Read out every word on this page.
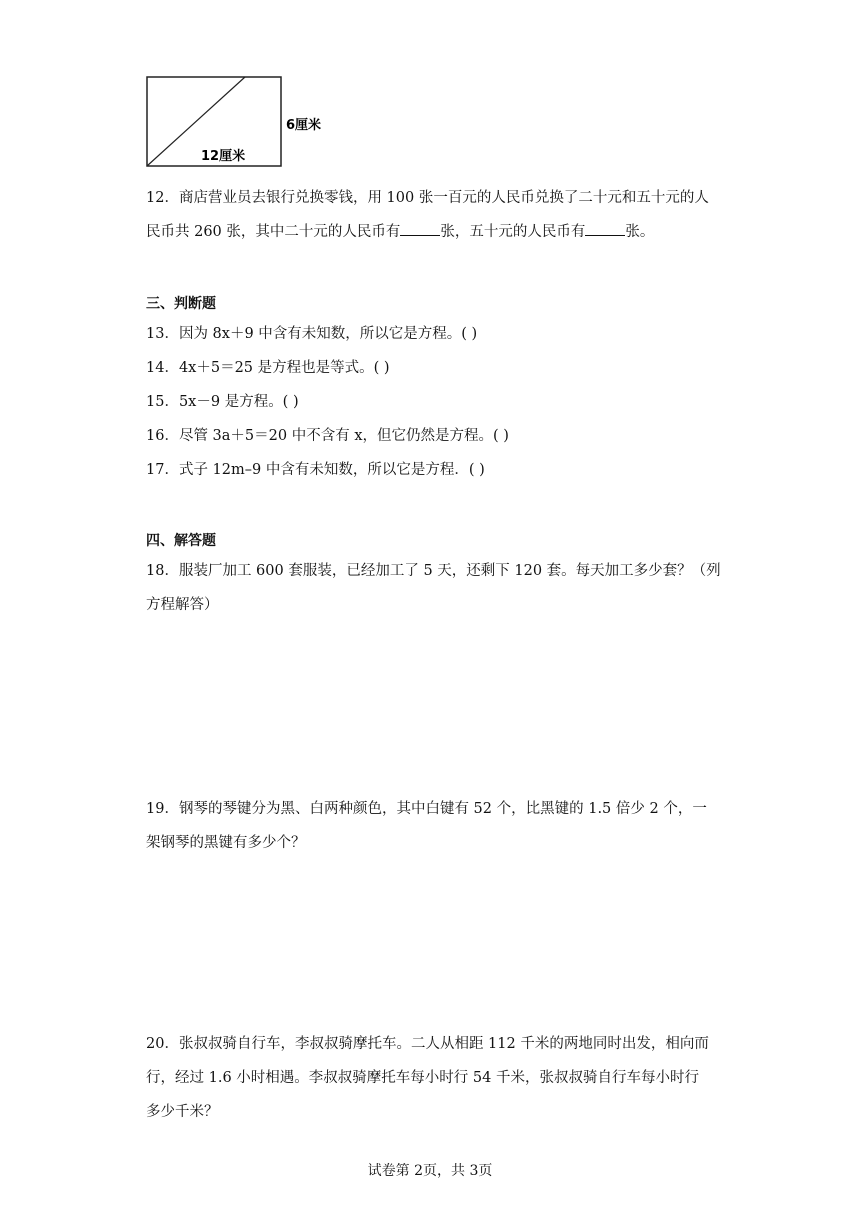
6厘米
12厘米
12．商店营业员去银行兑换零钱，用 100 张一百元的人民币兑换了二十元和五十元的人
民币共 260 张，其中二十元的人民币有	张，五十元的人民币有	张。
三、判断题
13．因为 8x＋9 中含有未知数，所以它是方程。( )
14．4x＋5＝25 是方程也是等式。( )
15．5x－9 是方程。( )
16．尽管 3a＋5＝20 中不含有 x，但它仍然是方程。( )
17．式子 12m–9 中含有未知数，所以它是方程．( )
四、解答题
18．服装厂加工 600 套服装，已经加工了 5 天，还剩下 120 套。每天加工多少套？（列
方程解答）
19．钢琴的琴键分为黑、白两种颜色，其中白键有 52 个，比黑键的 1.5 倍少 2 个，一
架钢琴的黑键有多少个？
20．张叔叔骑自行车，李叔叔骑摩托车。二人从相距 112 千米的两地同时出发，相向而
行，经过 1.6 小时相遇。李叔叔骑摩托车每小时行 54 千米，张叔叔骑自行车每小时行
多少千米？
试卷第 2页，共 3页
